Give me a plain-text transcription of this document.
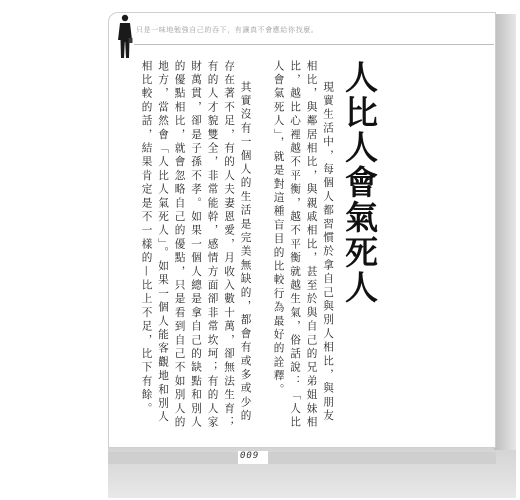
只是一味地勉強自己的吞下，有讓真不會應給你找麼。
人比人會氣死人

現實生活中，每個人都習慣於拿自己與別人相比，與朋友相比，與鄰居相比，與親戚相比，甚至於與自己的兄弟姐妹相比，越比心裡越不平衡，越不平衡就越生氣，俗話說：「人比人會氣死人」，就是對這種盲目的比較行為最好的詮釋。

其實沒有一個人的生活是完美無缺的，都會有或多或少的存在著不足，有的人夫妻恩愛，月收入數十萬，卻無法生育；有的人才貌雙全，非常能幹，感情方面卻非常坎坷；有的人家財萬貫，卻是子孫不孝。如果一個人總是拿自己的缺點和別人的優點相比，就會忽略自己的優點，只是看到自己不如別人的地方，當然會「人比人氣死人」。如果一個人能客觀地和別人相比較的話，結果肯定是不一樣的—比上不足，比下有餘。

009
